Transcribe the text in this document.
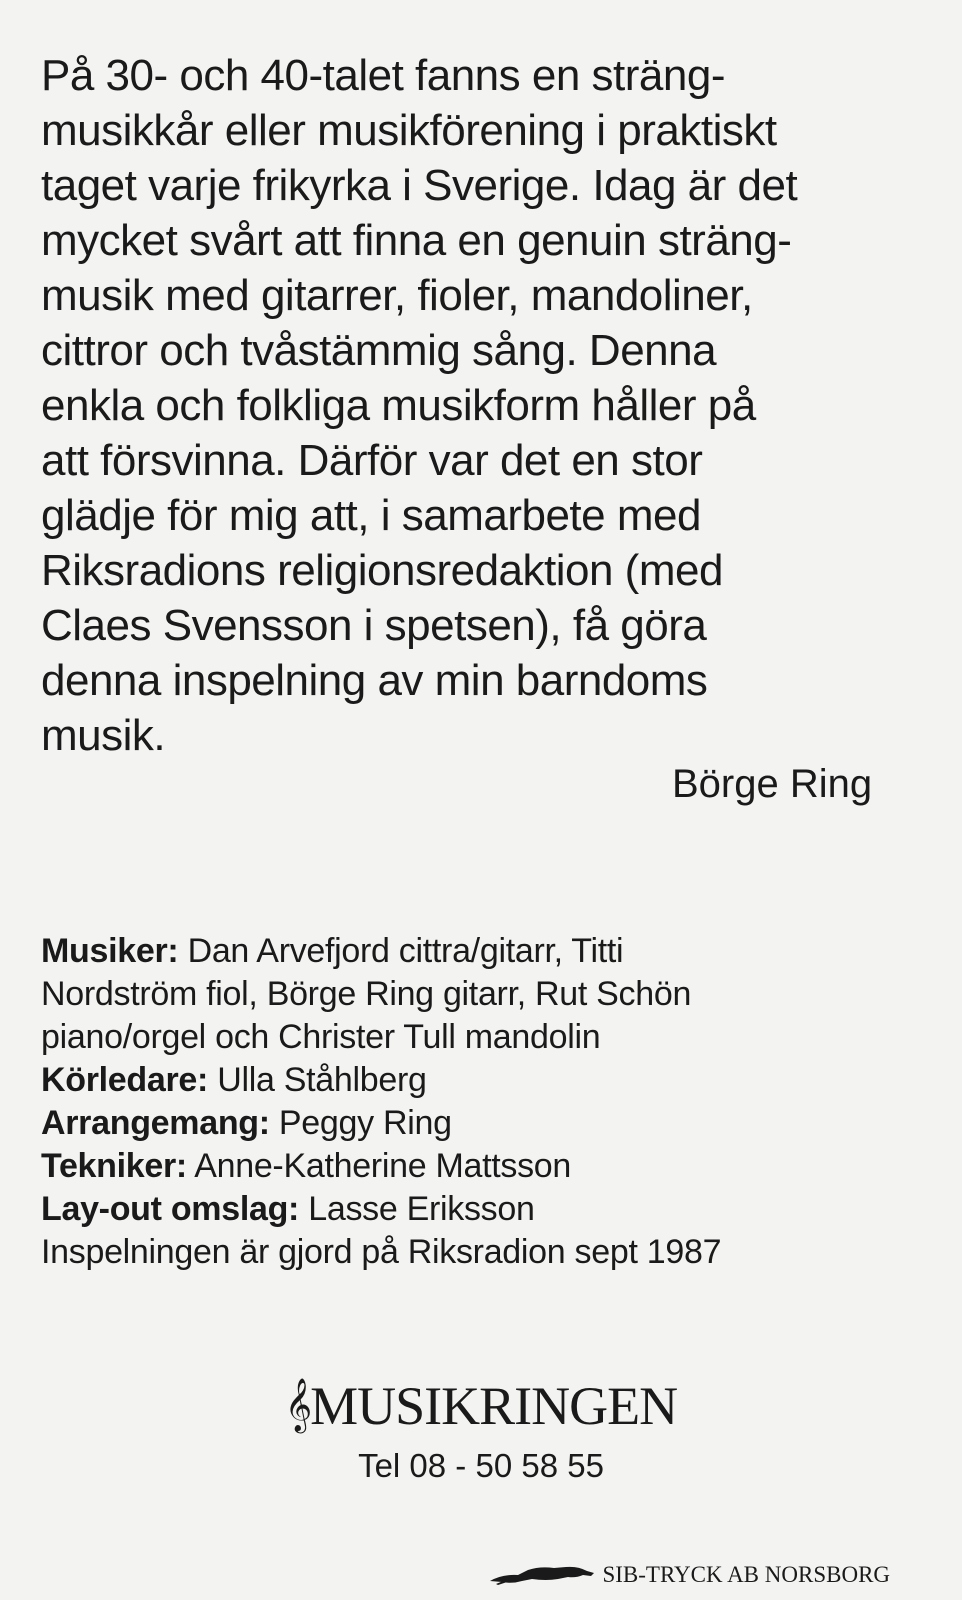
På 30- och 40-talet fanns en sträng-
musikkår eller musikförening i praktiskt
taget varje frikyrka i Sverige. Idag är det
mycket svårt att finna en genuin sträng-
musik med gitarrer, fioler, mandoliner,
cittror och tvåstämmig sång. Denna
enkla och folkliga musikform håller på
att försvinna. Därför var det en stor
glädje för mig att, i samarbete med
Riksradions religionsredaktion (med
Claes Svensson i spetsen), få göra
denna inspelning av min barndoms
musik.
Börge Ring
Musiker: Dan Arvefjord cittra/gitarr, Titti
Nordström fiol, Börge Ring gitarr, Rut Schön
piano/orgel och Christer Tull mandolin
Körledare: Ulla Ståhlberg
Arrangemang: Peggy Ring
Tekniker: Anne-Katherine Mattsson
Lay-out omslag: Lasse Eriksson
Inspelningen är gjord på Riksradion sept 1987
𝄞MUSIKRINGEN
Tel 08 - 50 58 55
SIB-TRYCK AB NORSBORG
